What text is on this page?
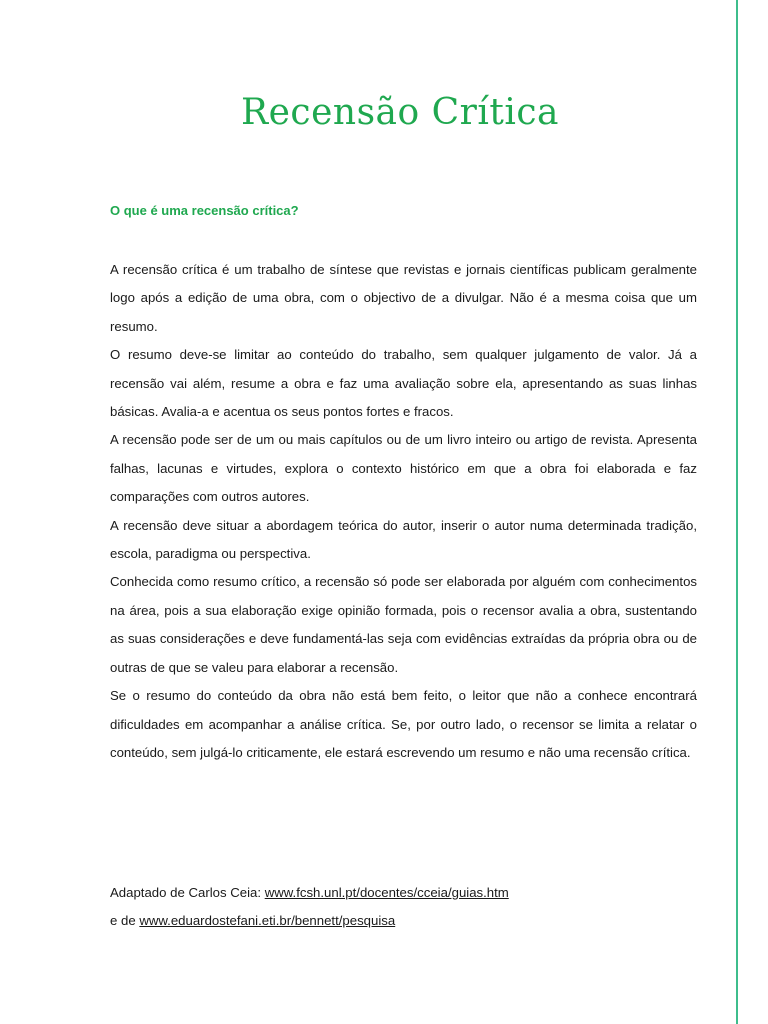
Recensão Crítica
O que é uma recensão crítica?

A recensão crítica é um trabalho de síntese que revistas e jornais científicas publicam geralmente logo após a edição de uma obra, com o objectivo de a divulgar. Não é a mesma coisa que um resumo.

O resumo deve-se limitar ao conteúdo do trabalho, sem qualquer julgamento de valor. Já a recensão vai além, resume a obra e faz uma avaliação sobre ela, apresentando as suas linhas básicas. Avalia-a e acentua os seus pontos fortes e fracos.

A recensão pode ser de um ou mais capítulos ou de um livro inteiro ou artigo de revista. Apresenta falhas, lacunas e virtudes, explora o contexto histórico em que a obra foi elaborada e faz comparações com outros autores.

A recensão deve situar a abordagem teórica do autor, inserir o autor numa determinada tradição, escola, paradigma ou perspectiva.

Conhecida como resumo crítico, a recensão só pode ser elaborada por alguém com conhecimentos na área, pois a sua elaboração exige opinião formada, pois o recensor avalia a obra, sustentando as suas considerações e deve fundamentá-las seja com evidências extraídas da própria obra ou de outras de que se valeu para elaborar a recensão.

Se o resumo do conteúdo da obra não está bem feito, o leitor que não a conhece encontrará dificuldades em acompanhar a análise crítica. Se, por outro lado, o recensor se limita a relatar o conteúdo, sem julgá-lo criticamente, ele estará escrevendo um resumo e não uma recensão crítica.

Adaptado de Carlos Ceia: www.fcsh.unl.pt/docentes/cceia/guias.htm

e de www.eduardostefani.eti.br/bennett/pesquisa
